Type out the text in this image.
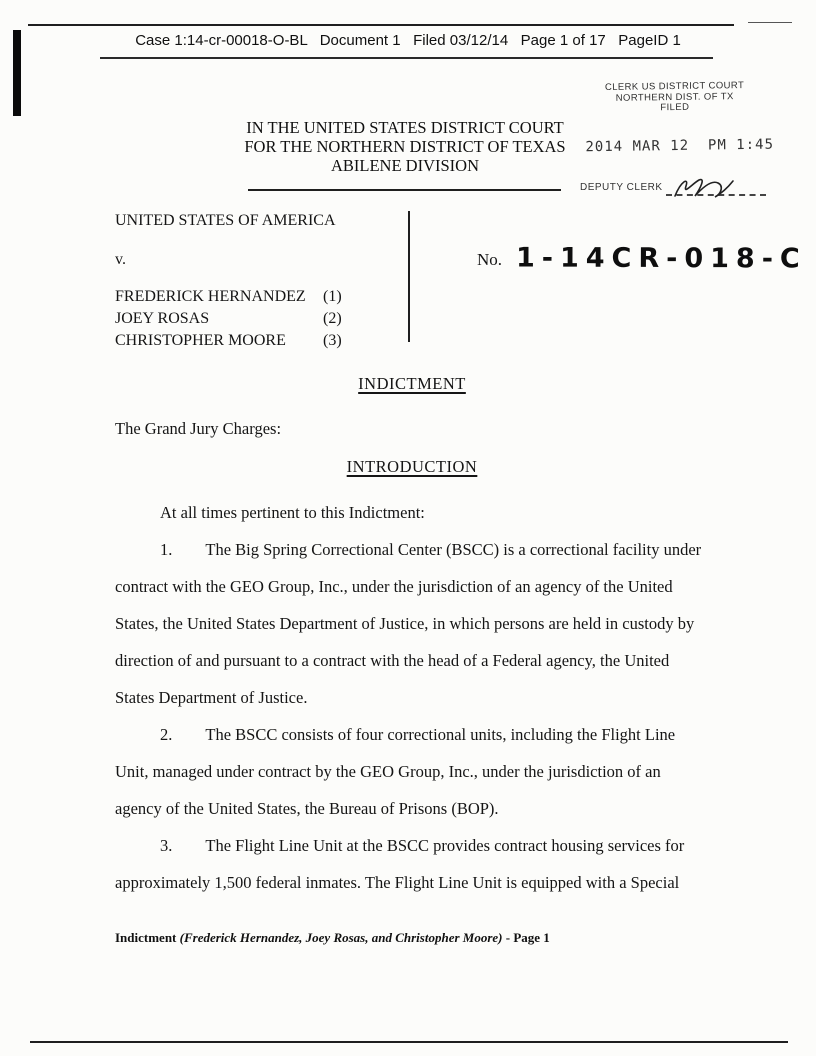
Case 1:14-cr-00018-O-BL   Document 1   Filed 03/12/14   Page 1 of 17   PageID 1
CLERK US DISTRICT COURT
NORTHERN DIST. OF TX
FILED
2014 MAR 12  PM 1:45
DEPUTY CLERK
IN THE UNITED STATES DISTRICT COURT
FOR THE NORTHERN DISTRICT OF TEXAS
ABILENE DIVISION
UNITED STATES OF AMERICA
v.
FREDERICK HERNANDEZ	(1)
JOEY ROSAS	(2)
CHRISTOPHER MOORE	(3)
No. 1-14CR-018-C
INDICTMENT

The Grand Jury Charges:

INTRODUCTION

At all times pertinent to this Indictment:

1. The Big Spring Correctional Center (BSCC) is a correctional facility under contract with the GEO Group, Inc., under the jurisdiction of an agency of the United States, the United States Department of Justice, in which persons are held in custody by direction of and pursuant to a contract with the head of a Federal agency, the United States Department of Justice.

2. The BSCC consists of four correctional units, including the Flight Line Unit, managed under contract by the GEO Group, Inc., under the jurisdiction of an agency of the United States, the Bureau of Prisons (BOP).

3. The Flight Line Unit at the BSCC provides contract housing services for approximately 1,500 federal inmates. The Flight Line Unit is equipped with a Special

Indictment (Frederick Hernandez, Joey Rosas, and Christopher Moore) - Page 1
